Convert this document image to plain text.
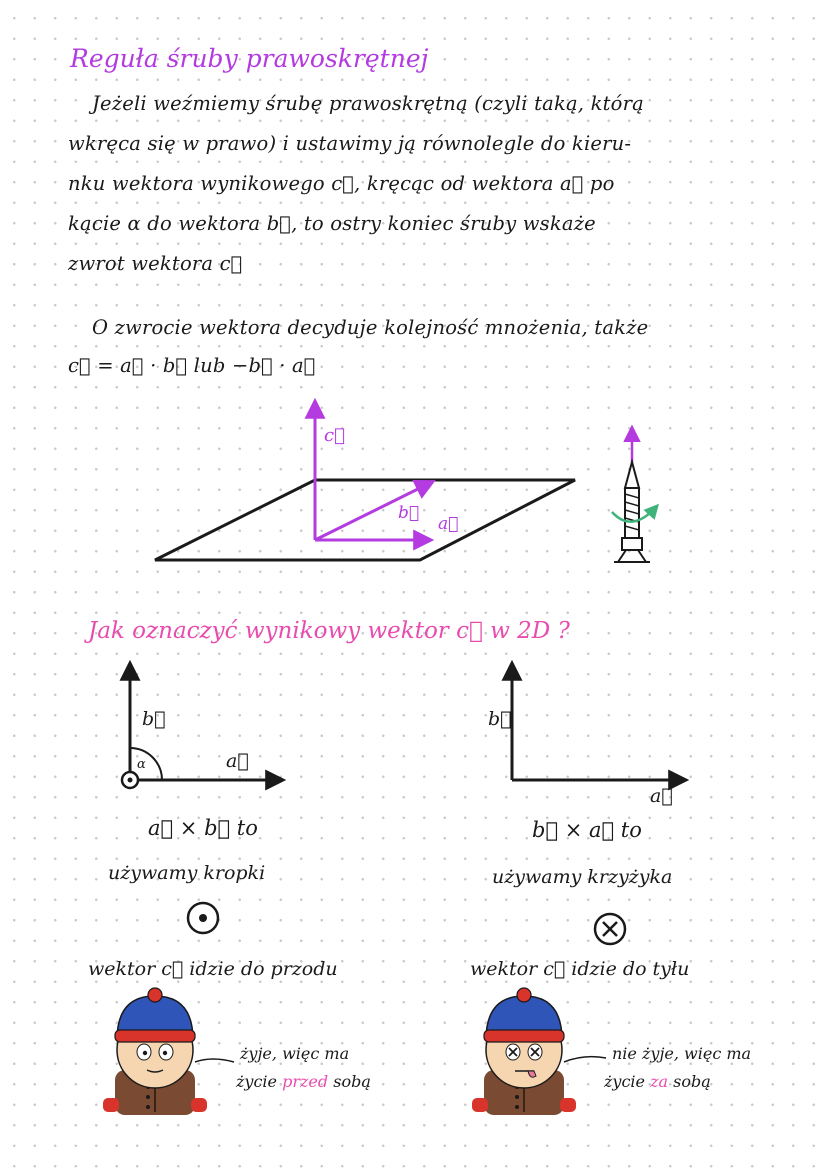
Reguła śruby prawoskrętnej
Jeżeli weźmiemy śrubę prawoskrętną (czyli taką, którą
wkręca się w prawo) i ustawimy ją równolegle do kieru-
nku wektora wynikowego c⃗, kręcąc od wektora a⃗ po
kącie α do wektora b⃗, to ostry koniec śruby wskaże
zwrot wektora c⃗
O zwrocie wektora decyduje kolejność mnożenia, także
c⃗ = a⃗ · b⃗ lub −b⃗ · a⃗
c⃗
b⃗
a⃗
Jak oznaczyć wynikowy wektor c⃗ w 2D ?
b⃗
a⃗
α
b⃗
a⃗
a⃗ × b⃗ to	b⃗ × a⃗ to
używamy kropki	używamy krzyżyka
wektor c⃗ idzie do przodu	wektor c⃗ idzie do tyłu
żyje, więc ma
życie przed sobą
nie żyje, więc ma
życie za sobą
